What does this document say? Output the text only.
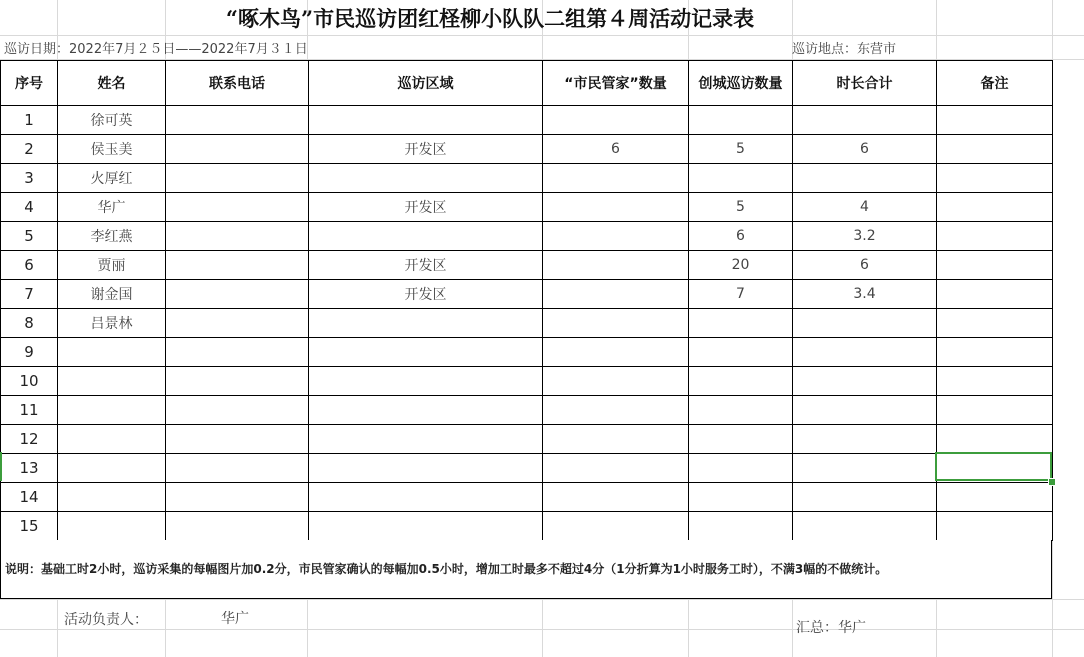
“啄木鸟”市民巡访团红柽柳小队队二组第４周活动记录表
巡访日期：2022年7月２５日——2022年7月３１日	巡访地点：东营市
序号	姓名	联系电话	巡访区域	“市民管家”数量	创城巡访数量	时长合计	备注
1	徐可英						
2	侯玉美		开发区	6	5	6	
3	火厚红						
4	华广		开发区		5	4	
5	李红燕				6	3.2	
6	贾丽		开发区		20	6	
7	谢金国		开发区		7	3.4	
8	吕景林						
9							
10							
11							
12							
13							
14							
15							
说明：基础工时2小时，巡访采集的每幅图片加0.2分，市民管家确认的每幅加0.5小时，增加工时最多不超过4分（1分折算为1小时服务工时），不满3幅的不做统计。
活动负责人：	华广
汇总：华广
